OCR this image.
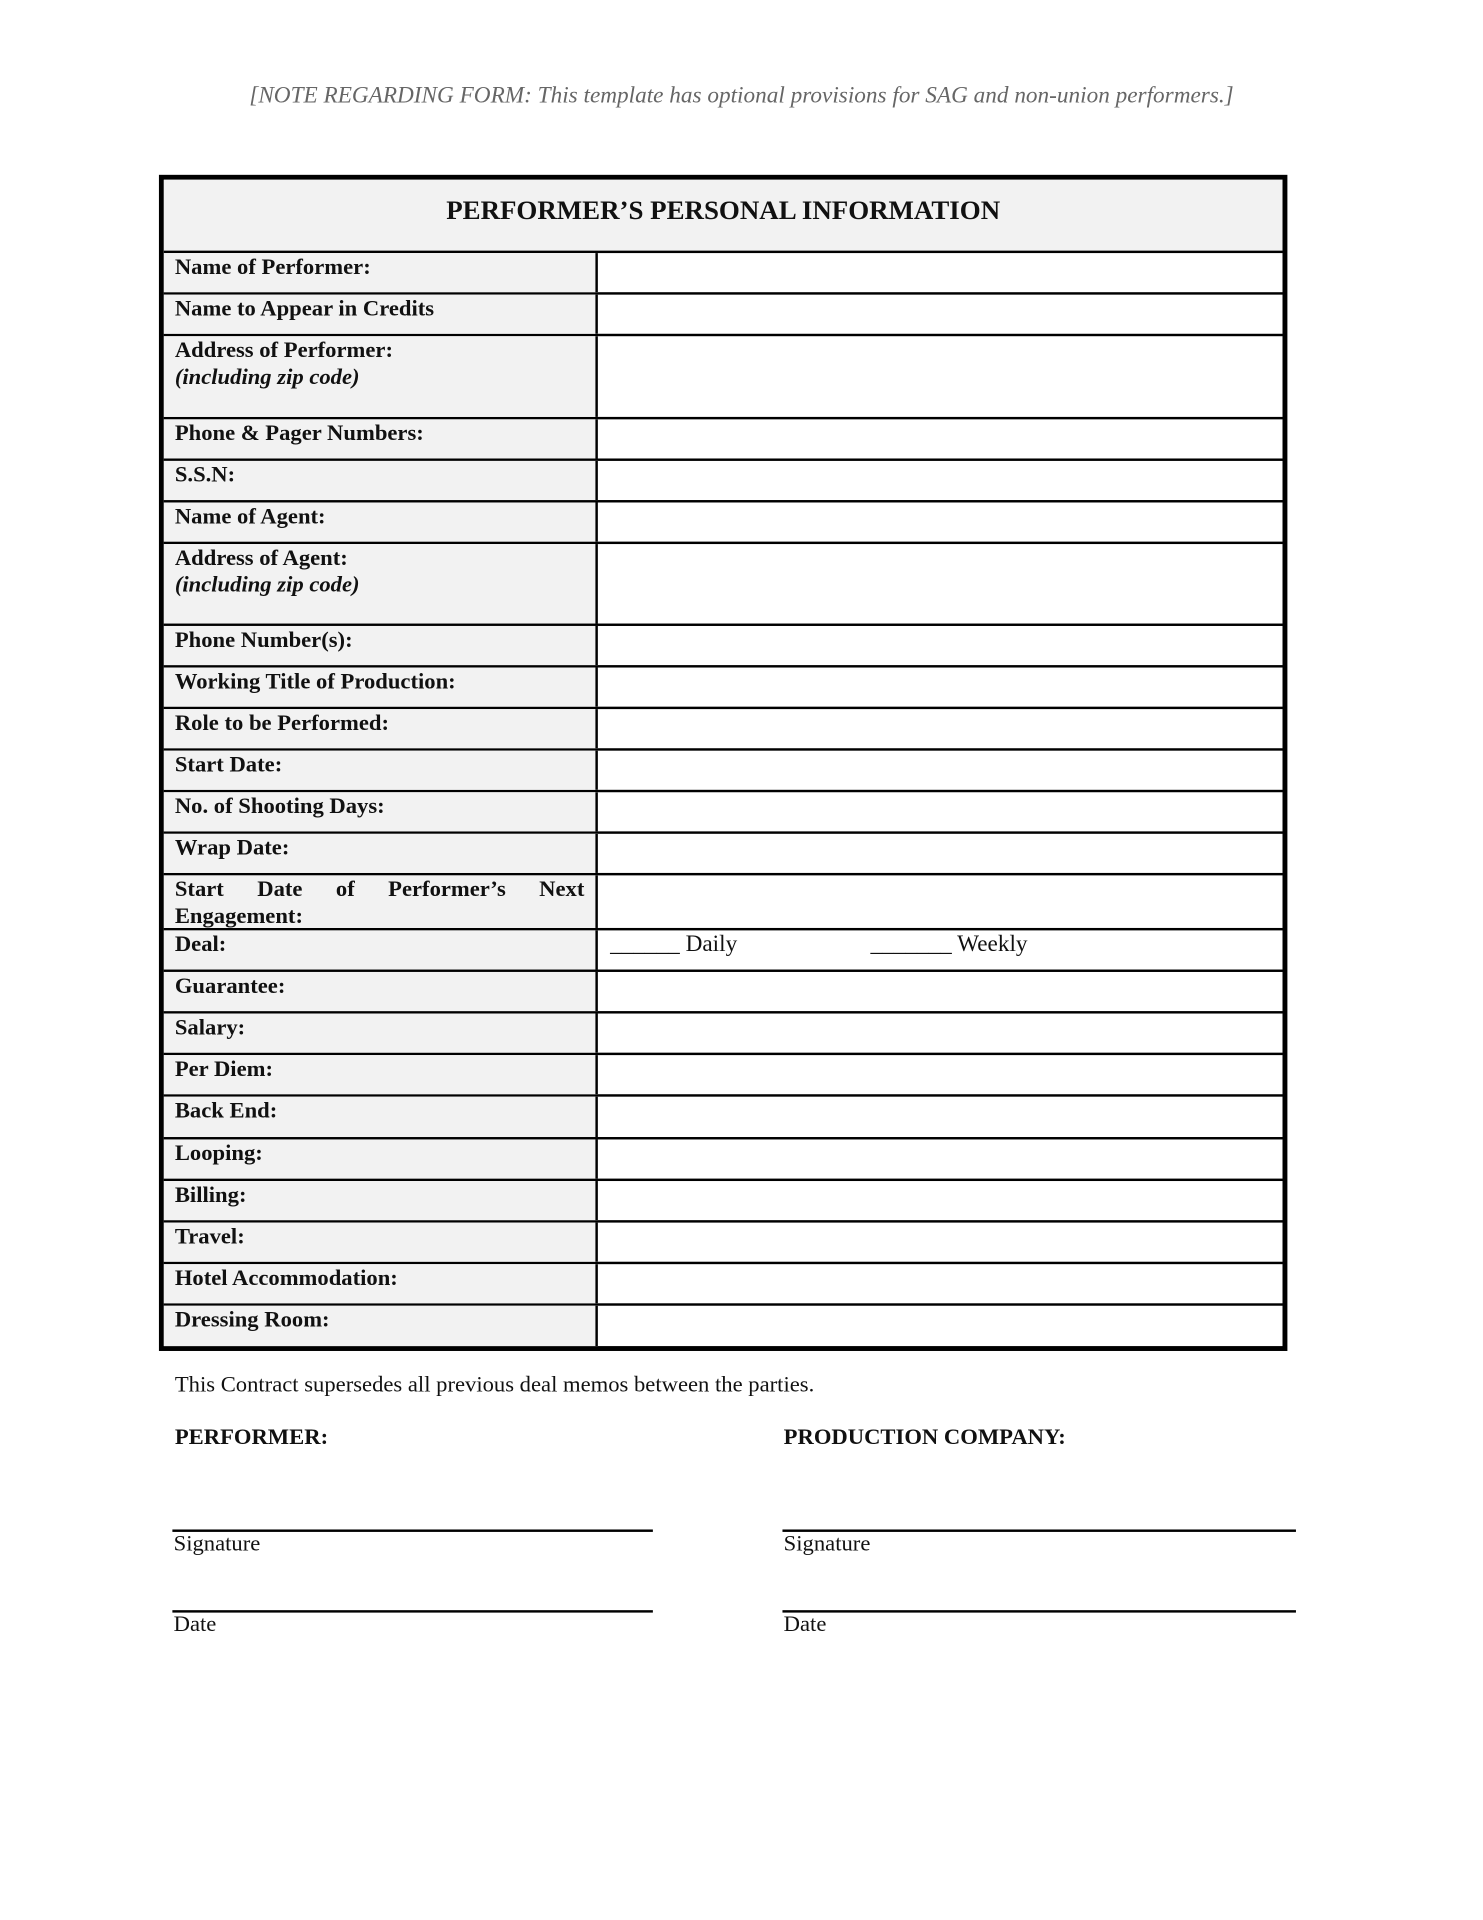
[NOTE REGARDING FORM: This template has optional provisions for SAG and non-union performers.]
PERFORMER’S PERSONAL INFORMATION
Name of Performer:
Name to Appear in Credits
Address of Performer:
(including zip code)
Phone & Pager Numbers:
S.S.N:
Name of Agent:
Address of Agent:
(including zip code)
Phone Number(s):
Working Title of Production:
Role to be Performed:
Start Date:
No. of Shooting Days:
Wrap Date:
Start Date of Performer’s Next Engagement:
Deal:	______ Daily	_______ Weekly
Guarantee:
Salary:
Per Diem:
Back End:
Looping:
Billing:
Travel:
Hotel Accommodation:
Dressing Room:
This Contract supersedes all previous deal memos between the parties.
PERFORMER:	PRODUCTION COMPANY:
Signature	Signature
Date	Date
